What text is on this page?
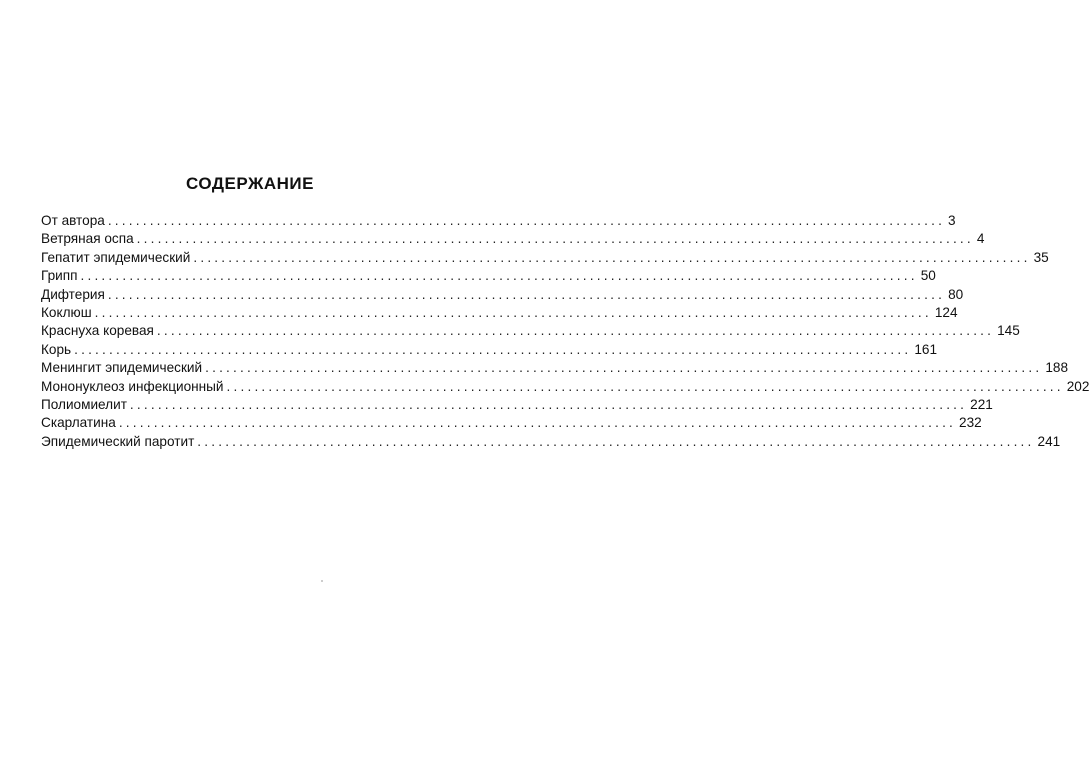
СОДЕРЖАНИЕ
От автора ........................................................................................................................ 3
Ветряная оспа ........................................................................................................................ 4
Гепатит эпидемический ........................................................................................................................ 35
Грипп ........................................................................................................................ 50
Дифтерия ........................................................................................................................ 80
Коклюш ........................................................................................................................ 124
Краснуха коревая ........................................................................................................................ 145
Корь ........................................................................................................................ 161
Менингит эпидемический ........................................................................................................................ 188
Мононуклеоз инфекционный ........................................................................................................................ 202
Полиомиелит ........................................................................................................................ 221
Скарлатина ........................................................................................................................ 232
Эпидемический паротит ........................................................................................................................ 241
